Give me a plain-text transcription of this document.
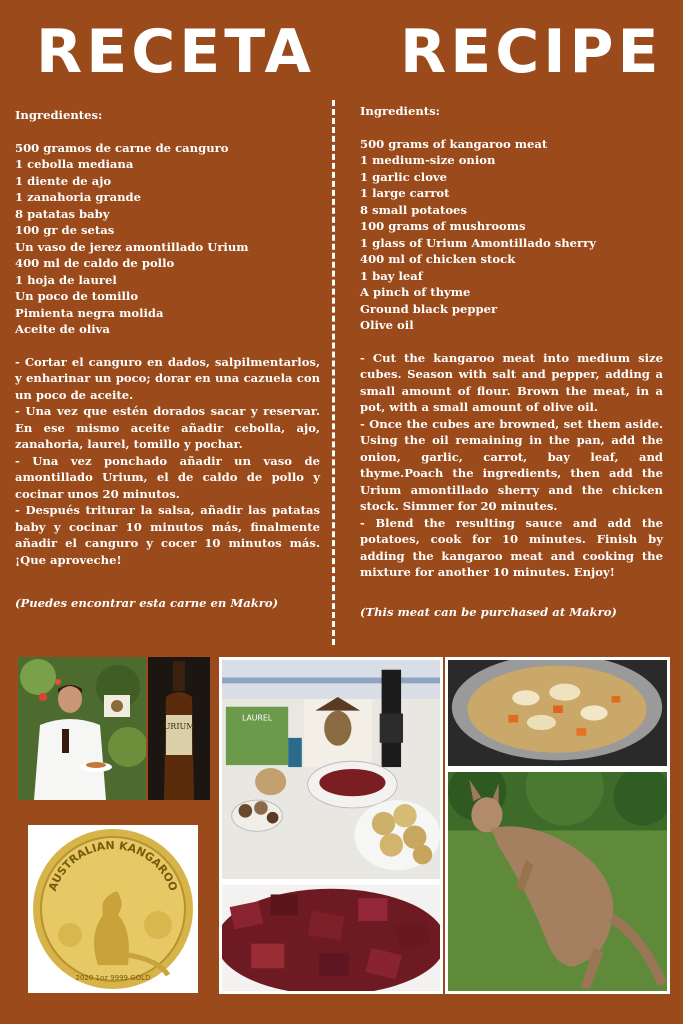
RECETA RECIPE
Ingredientes:
500 gramos de carne de canguro
1 cebolla mediana
1 diente de ajo
1 zanahoria grande
8 patatas baby
100 gr de setas
Un vaso de jerez amontillado Urium
400 ml de caldo de pollo
1 hoja de laurel
Un poco de tomillo
Pimienta negra molida
Aceite de oliva

- Cortar el canguro en dados, salpilmentarlos, y enharinar un poco; dorar en una cazuela con un poco de aceite.

- Una vez que estén dorados sacar y reservar. En ese mismo aceite añadir cebolla, ajo, zanahoria, laurel, tomillo y pochar.

- Una vez ponchado añadir un vaso de amontillado Urium, el de caldo de pollo y cocinar unos 20 minutos.

- Después triturar la salsa, añadir las patatas baby y cocinar 10 minutos más, finalmente añadir el canguro y cocer 10 minutos más. ¡Que aproveche!

(Puedes encontrar esta carne en Makro)
Ingredients:
500 grams of kangaroo meat
1 medium-size onion
1 garlic clove
1 large carrot
8 small potatoes
100 grams of mushrooms
1 glass of Urium Amontillado sherry
400 ml of chicken stock
1 bay leaf
A pinch of thyme
Ground black pepper
Olive oil

- Cut the kangaroo meat into medium size cubes. Season with salt and pepper, adding a small amount of flour. Brown the meat, in a pot, with a small amount of olive oil.

- Once the cubes are browned, set them aside. Using the oil remaining in the pan, add the onion, garlic, carrot, bay leaf, and thyme.Poach the ingredients, then add the Urium amontillado sherry and the chicken stock. Simmer for 20 minutes.

- Blend the resulting sauce and add the potatoes, cook for 10 minutes. Finish by adding the kangaroo meat and cooking the mixture for another 10 minutes. Enjoy!

(This meat can be purchased at Makro)
URIUM
AUSTRALIAN KANGAROO
2020 1oz 9999 GOLD
LAUREL
